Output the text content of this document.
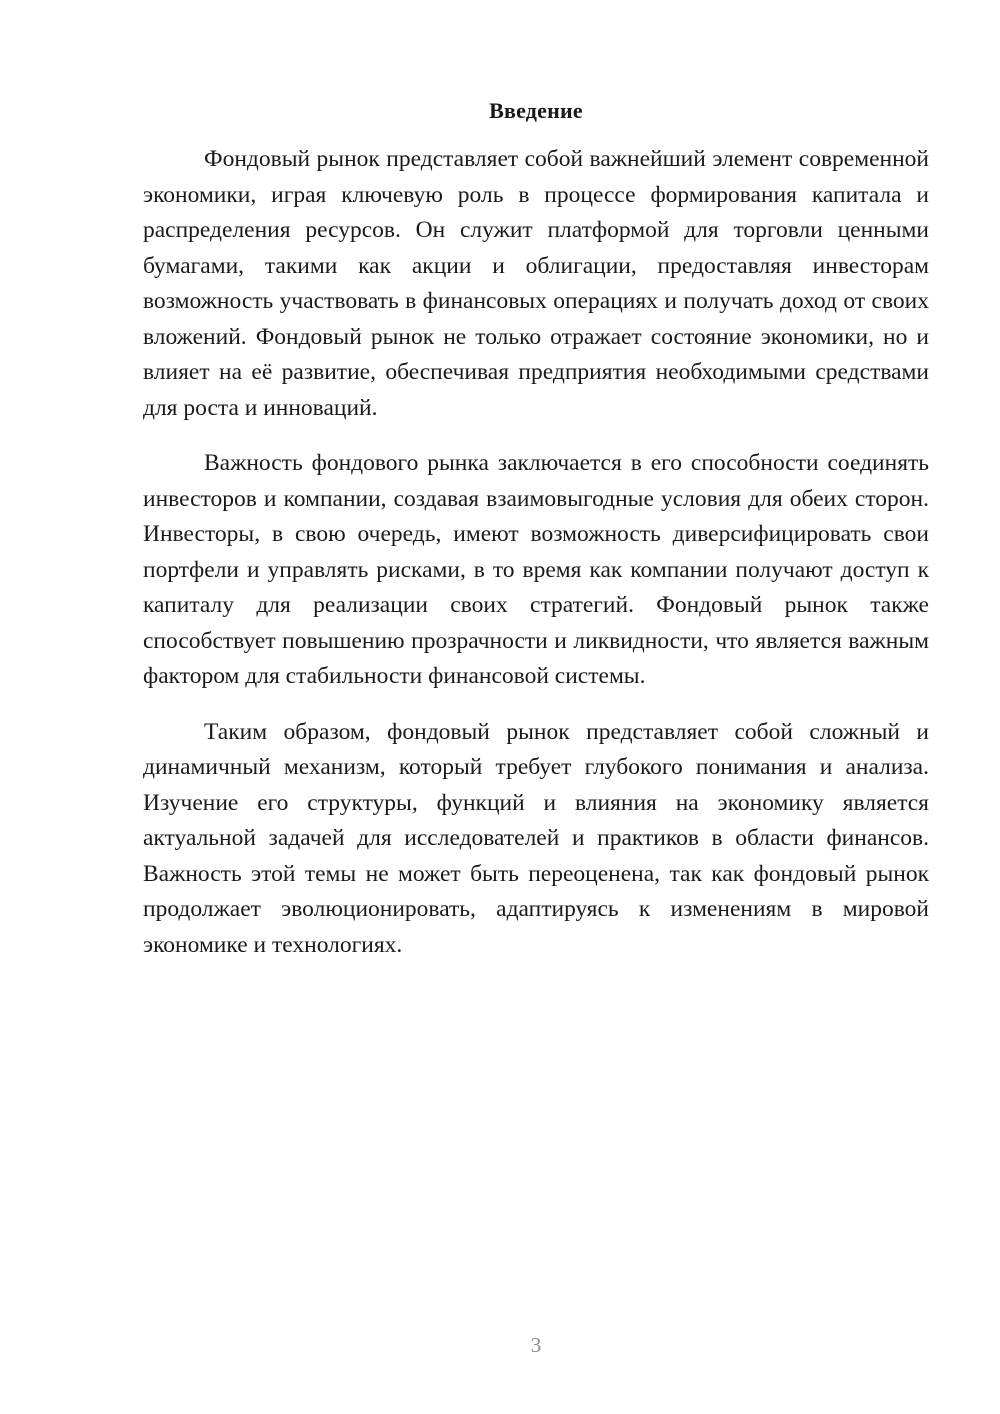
Введение

Фондовый рынок представляет собой важнейший элемент современной экономики, играя ключевую роль в процессе формирования капитала и распределения ресурсов. Он служит платформой для торговли ценными бумагами, такими как акции и облигации, предоставляя инвесторам возможность участвовать в финансовых операциях и получать доход от своих вложений. Фондовый рынок не только отражает состояние экономики, но и влияет на её развитие, обеспечивая предприятия необходимыми средствами для роста и инноваций.

Важность фондового рынка заключается в его способности соединять инвесторов и компании, создавая взаимовыгодные условия для обеих сторон. Инвесторы, в свою очередь, имеют возможность диверсифицировать свои портфели и управлять рисками, в то время как компании получают доступ к капиталу для реализации своих стратегий. Фондовый рынок также способствует повышению прозрачности и ликвидности, что является важным фактором для стабильности финансовой системы.

Таким образом, фондовый рынок представляет собой сложный и динамичный механизм, который требует глубокого понимания и анализа. Изучение его структуры, функций и влияния на экономику является актуальной задачей для исследователей и практиков в области финансов. Важность этой темы не может быть переоценена, так как фондовый рынок продолжает эволюционировать, адаптируясь к изменениям в мировой экономике и технологиях.

3
